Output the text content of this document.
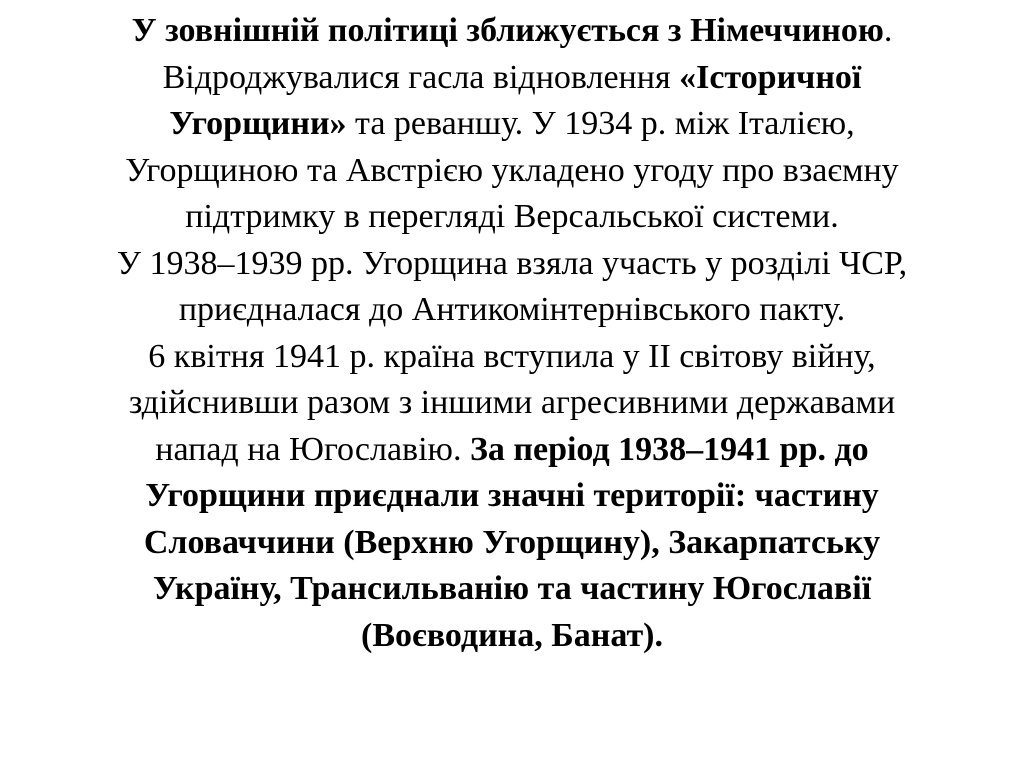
У зовнішній політиці зближується з Німеччиною.
Відроджувалися гасла відновлення «Історичної
Угорщини» та реваншу. У 1934 р. між Італією,
Угорщиною та Австрією укладено угоду про взаємну
підтримку в перегляді Версальської системи.
У 1938–1939 рр. Угорщина взяла участь у розділі ЧСР,
приєдналася до Антикомінтернівського пакту.
6 квітня 1941 р. країна вступила у II світову війну,
здійснивши разом з іншими агресивними державами
напад на Югославію. За період 1938–1941 рр. до
Угорщини приєднали значні території: частину
Словаччини (Верхню Угорщину), Закарпатську
Україну, Трансильванію та частину Югославії
(Воєводина, Банат).
